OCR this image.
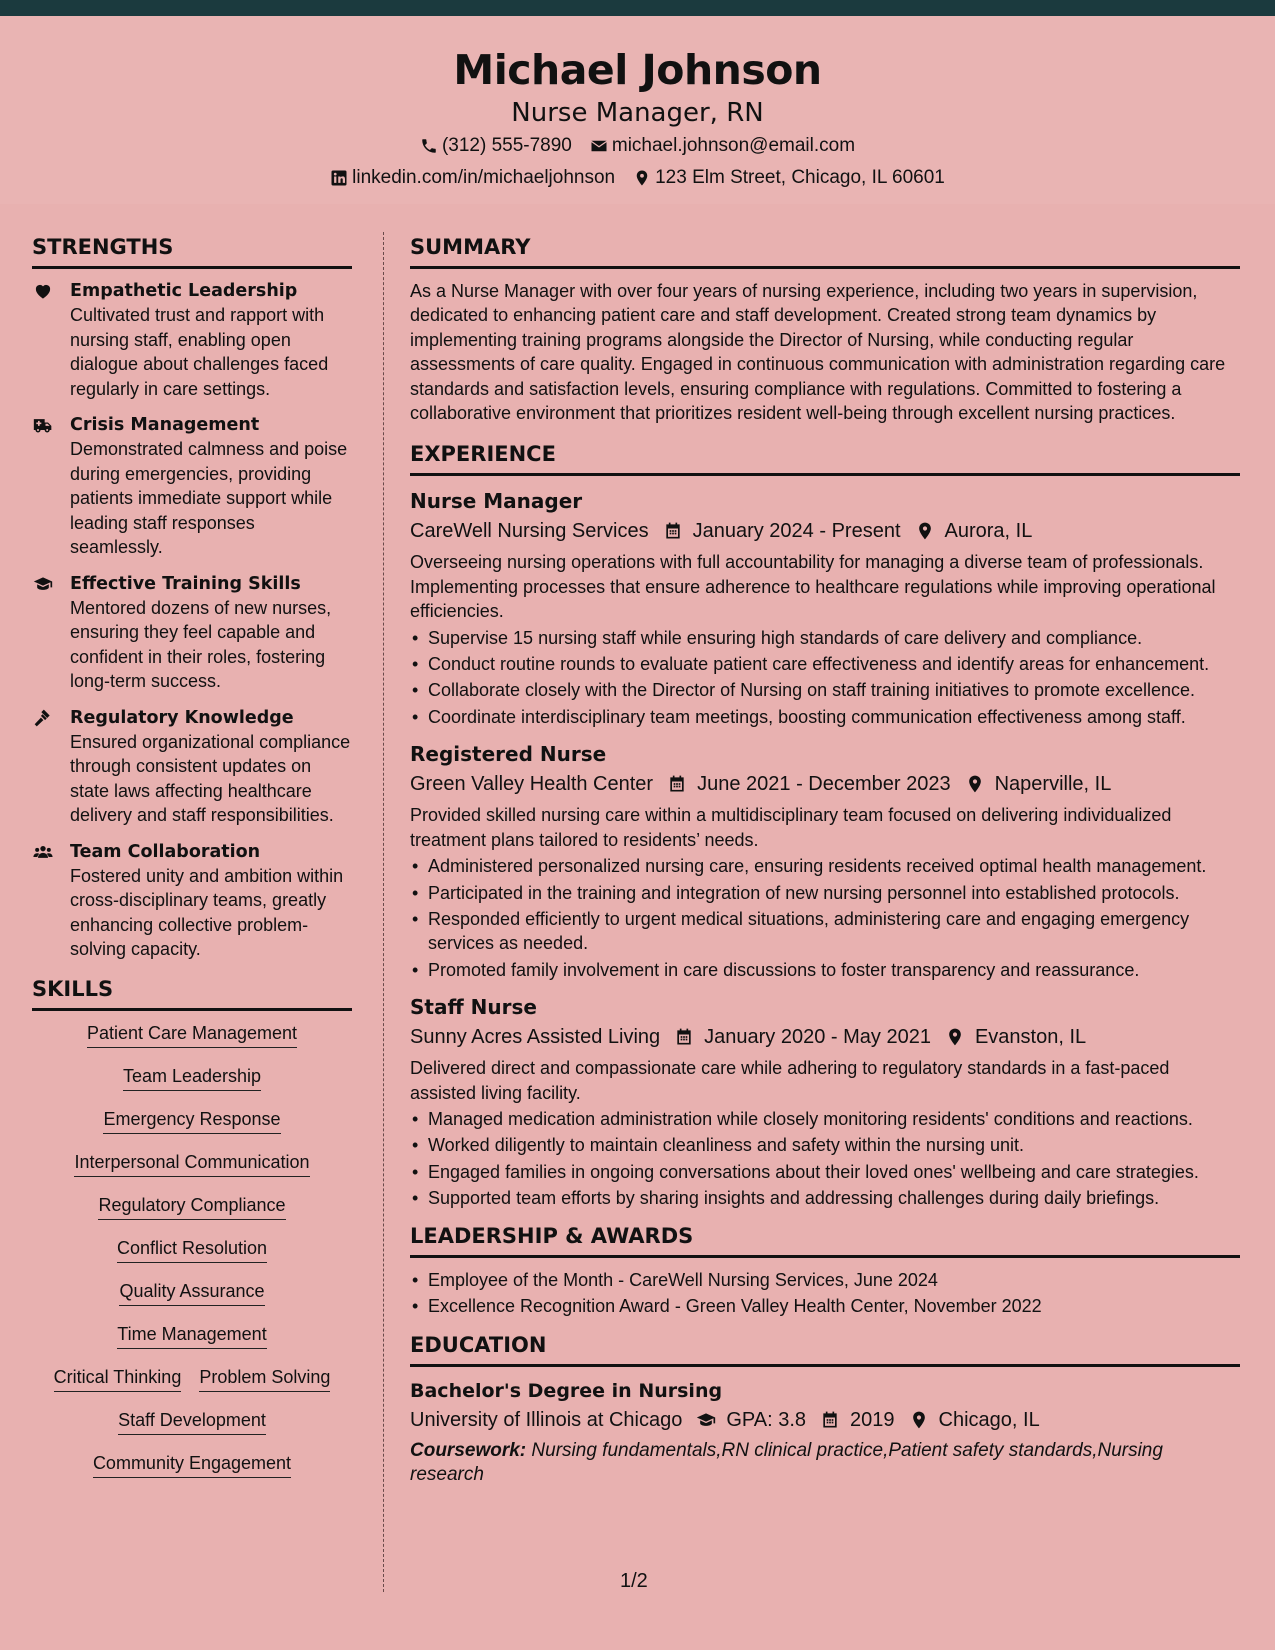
Michael Johnson
Nurse Manager, RN
(312) 555-7890 michael.johnson@email.com
linkedin.com/in/michaeljohnson 123 Elm Street, Chicago, IL 60601
STRENGTHS
Empathetic Leadership
Cultivated trust and rapport with nursing staff, enabling open dialogue about challenges faced regularly in care settings.
Crisis Management
Demonstrated calmness and poise during emergencies, providing patients immediate support while leading staff responses seamlessly.
Effective Training Skills
Mentored dozens of new nurses, ensuring they feel capable and confident in their roles, fostering long-term success.
Regulatory Knowledge
Ensured organizational compliance through consistent updates on state laws affecting healthcare delivery and staff responsibilities.
Team Collaboration
Fostered unity and ambition within cross-disciplinary teams, greatly enhancing collective problem-solving capacity.
SKILLS
Patient Care Management
Team Leadership
Emergency Response
Interpersonal Communication
Regulatory Compliance
Conflict Resolution
Quality Assurance
Time Management
Critical Thinking Problem Solving
Staff Development
Community Engagement
SUMMARY
As a Nurse Manager with over four years of nursing experience, including two years in supervision, dedicated to enhancing patient care and staff development. Created strong team dynamics by implementing training programs alongside the Director of Nursing, while conducting regular assessments of care quality. Engaged in continuous communication with administration regarding care standards and satisfaction levels, ensuring compliance with regulations. Committed to fostering a collaborative environment that prioritizes resident well-being through excellent nursing practices.
EXPERIENCE
Nurse Manager
CareWell Nursing Services January 2024 - Present Aurora, IL
Overseeing nursing operations with full accountability for managing a diverse team of professionals. Implementing processes that ensure adherence to healthcare regulations while improving operational efficiencies.
• Supervise 15 nursing staff while ensuring high standards of care delivery and compliance.
• Conduct routine rounds to evaluate patient care effectiveness and identify areas for enhancement.
• Collaborate closely with the Director of Nursing on staff training initiatives to promote excellence.
• Coordinate interdisciplinary team meetings, boosting communication effectiveness among staff.
Registered Nurse
Green Valley Health Center June 2021 - December 2023 Naperville, IL
Provided skilled nursing care within a multidisciplinary team focused on delivering individualized treatment plans tailored to residents’ needs.
• Administered personalized nursing care, ensuring residents received optimal health management.
• Participated in the training and integration of new nursing personnel into established protocols.
• Responded efficiently to urgent medical situations, administering care and engaging emergency services as needed.
• Promoted family involvement in care discussions to foster transparency and reassurance.
Staff Nurse
Sunny Acres Assisted Living January 2020 - May 2021 Evanston, IL
Delivered direct and compassionate care while adhering to regulatory standards in a fast-paced assisted living facility.
• Managed medication administration while closely monitoring residents' conditions and reactions.
• Worked diligently to maintain cleanliness and safety within the nursing unit.
• Engaged families in ongoing conversations about their loved ones' wellbeing and care strategies.
• Supported team efforts by sharing insights and addressing challenges during daily briefings.
LEADERSHIP & AWARDS
• Employee of the Month - CareWell Nursing Services, June 2024
• Excellence Recognition Award - Green Valley Health Center, November 2022
EDUCATION
Bachelor's Degree in Nursing
University of Illinois at Chicago GPA: 3.8 2019 Chicago, IL
Coursework: Nursing fundamentals,RN clinical practice,Patient safety standards,Nursing research
1/2
